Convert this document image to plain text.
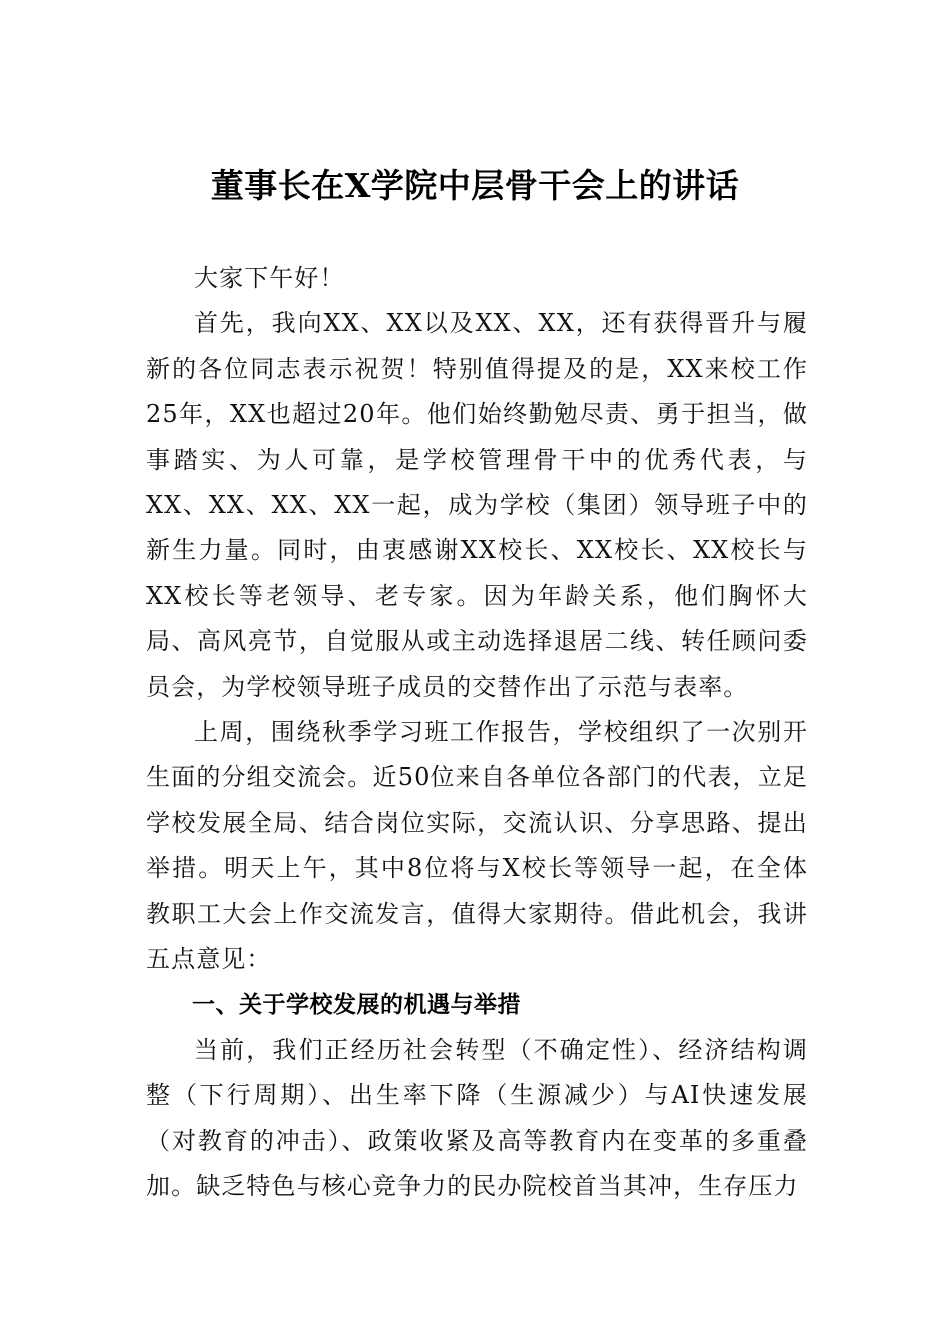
董事长在X学院中层骨干会上的讲话

大家下午好！

首先，我向XX、XX以及XX、XX，还有获得晋升与履新的各位同志表示祝贺！特别值得提及的是，XX来校工作25年，XX也超过20年。他们始终勤勉尽责、勇于担当，做事踏实、为人可靠，是学校管理骨干中的优秀代表，与XX、XX、XX、XX一起，成为学校（集团）领导班子中的新生力量。同时，由衷感谢XX校长、XX校长、XX校长与XX校长等老领导、老专家。因为年龄关系，他们胸怀大局、高风亮节，自觉服从或主动选择退居二线、转任顾问委员会，为学校领导班子成员的交替作出了示范与表率。

上周，围绕秋季学习班工作报告，学校组织了一次别开生面的分组交流会。近50位来自各单位各部门的代表，立足学校发展全局、结合岗位实际，交流认识、分享思路、提出举措。明天上午，其中8位将与X校长等领导一起，在全体教职工大会上作交流发言，值得大家期待。借此机会，我讲五点意见：

一、关于学校发展的机遇与举措

当前，我们正经历社会转型（不确定性）、经济结构调整（下行周期）、出生率下降（生源减少）与AI快速发展（对教育的冲击）、政策收紧及高等教育内在变革的多重叠加。缺乏特色与核心竞争力的民办院校首当其冲，生存压力
